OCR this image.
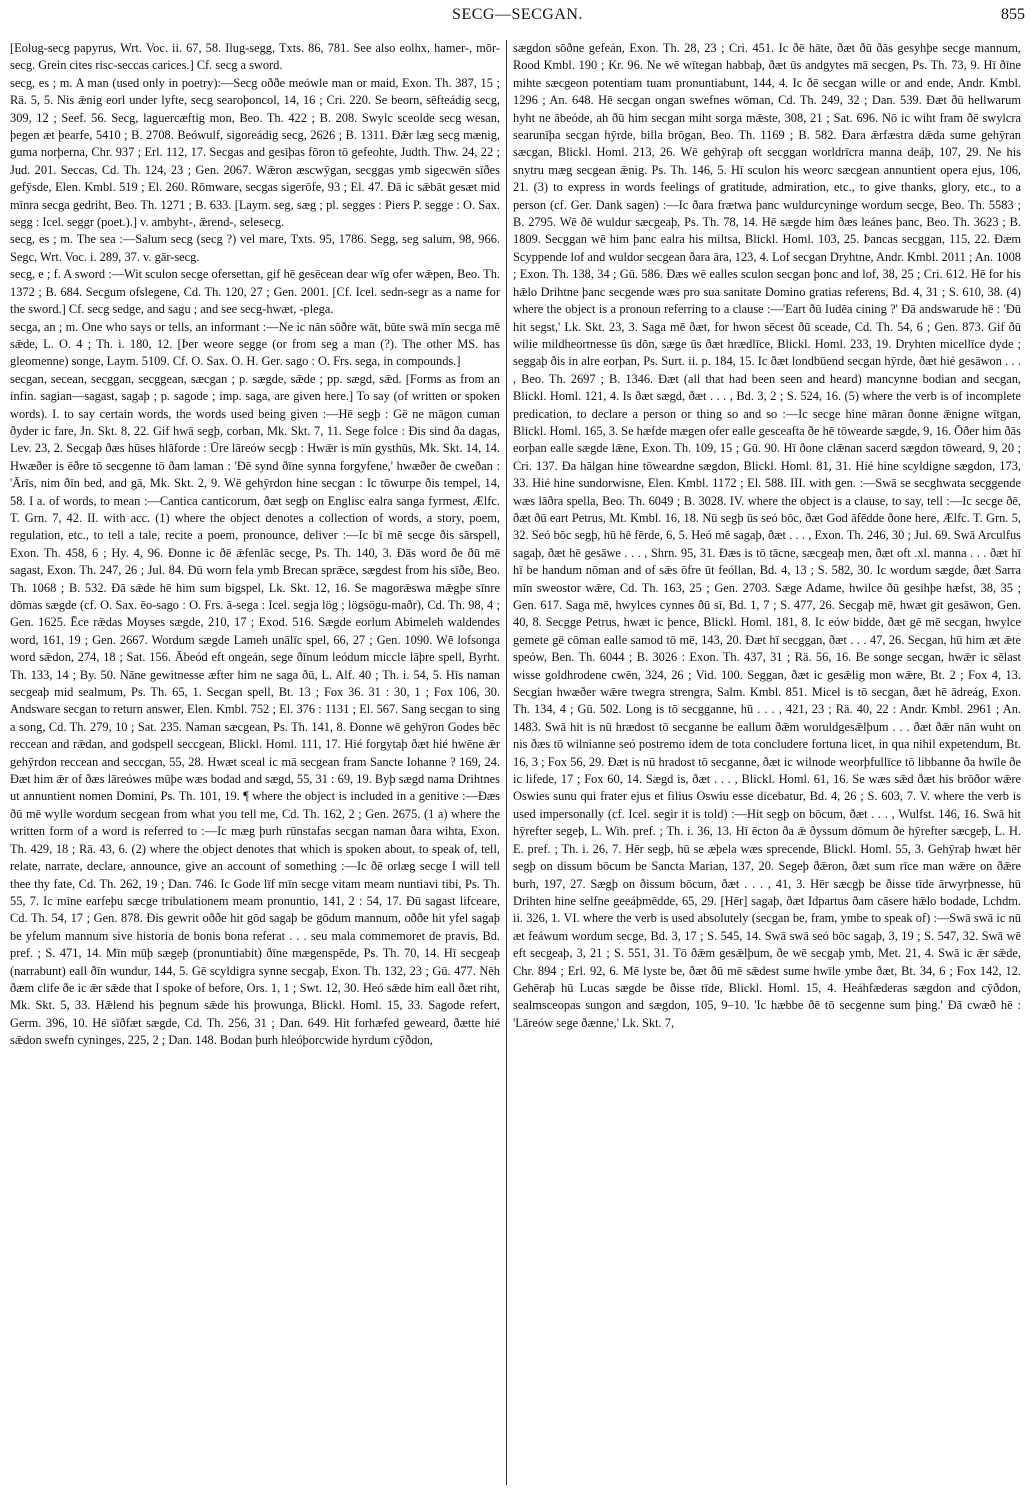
SECG—SECGAN.	855

[Eolug-secg papyrus, Wrt. Voc. ii. 67, 58. Ilug-segg, Txts. 86, 781. See also eolhx, hamer-, mōr-secg. Grein cites risc-seccas carices.] Cf. secg a sword.

secg, es ; m. A man (used only in poetry):—Secg oððe meówle man or maid, Exon. Th. 387, 15 ; Rä. 5, 5. Nis ǣnig eorl under lyfte, secg searoþoncol, 14, 16 ; Cri. 220. Se beorn, sēfteádig secg, 309, 12 ; Seef. 56. Secg, laguercæftig mon, Beo. Th. 422 ; B. 208. Swylc sceolde secg wesan, þegen æt þearfe, 5410 ; B. 2708. Beówulf, sigoreádig secg, 2626 ; B. 1311. Ðǣr læg secg mænig, guma norþerna, Chr. 937 ; Erl. 112, 17. Secgas and gesīþas fōron tō gefeohte, Judth. Thw. 24, 22 ; Jud. 201. Seccas, Cd. Th. 124, 23 ; Gen. 2067. Wǣron æscwȳgan, secggas ymb sigecwēn sīðes gefȳsde, Elen. Kmbl. 519 ; El. 260. Rōmware, secgas sigerōfe, 93 ; El. 47. Ðā ic sǣbāt gesæt mid mīnra secga gedriht, Beo. Th. 1271 ; B. 633. [Laym. seg, sæg ; pl. segges : Piers P. segge : O. Sax. segg : Icel. seggr (poet.).] v. ambyht-, ǣrend-, selesecg.

secg, es ; m. The sea :—Salum secg (secg ?) vel mare, Txts. 95, 1786. Segg, seg salum, 98, 966. Segc, Wrt. Voc. i. 289, 37. v. gār-secg.

secg, e ; f. A sword :—Wit sculon secge ofersettan, gif hē gesēcean dear wīg ofer wǣpen, Beo. Th. 1372 ; B. 684. Secgum ofslegene, Cd. Th. 120, 27 ; Gen. 2001. [Cf. Icel. sedn-segr as a name for the sword.] Cf. secg sedge, and sagu ; and see secg-hwæt, -plega.

secga, an ; m. One who says or tells, an informant :—Ne ic nān sōðre wāt, būte swā mīn secga mē sǣde, L. O. 4 ; Th. i. 180, 12. [Þer weore segge (or from seg a man (?). The other MS. has gleomenne) songe, Laym. 5109. Cf. O. Sax. O. H. Ger. sago : O. Frs. sega, in compounds.]

secgan, secean, secggan, secggean, sæcgan ; p. sægde, sǣde ; pp. sægd, sǣd. [Forms as from an infin. sagian—sagast, sagaþ ; p. sagode ; imp. saga, are given here.] To say (of written or spoken words). I. to say certain words, the words used being given :—Hē segþ : Gē ne māgon cuman ðyder ic fare, Jn. Skt. 8, 22. Gif hwā segþ, corban, Mk. Skt. 7, 11. Sege folce : Ðis sind ða dagas, Lev. 23, 2. Secgaþ ðæs hūses hlāforde : Ūre lāreów secgþ : Hwǣr is mīn gysthūs, Mk. Skt. 14, 14. Hwæðer is ēðre tō secgenne tō ðam laman : 'Ðē synd ðīne synna forgyfene,' hwæðer ðe cweðan : 'Ārīs, nim ðīn bed, and gā, Mk. Skt. 2, 9. Wē gehȳrdon hine secgan : Ic tōwurpe ðis tempel, 14, 58. I a. of words, to mean :—Cantica canticorum, ðæt segþ on Englisc ealra sanga fyrmest, Ælfc. T. Grn. 7, 42. II. with acc. (1) where the object denotes a collection of words, a story, poem, regulation, etc., to tell a tale, recite a poem, pronounce, deliver :—Ic bī mē secge ðis sārspell, Exon. Th. 458, 6 ; Hy. 4, 96. Ðonne ic ðē ǣfenlāc secge, Ps. Th. 140, 3. Ðās word ðe ðū mē sagast, Exon. Th. 247, 26 ; Jul. 84. Ðū worn fela ymb Brecan sprǣce, sægdest from his sīðe, Beo. Th. 1068 ; B. 532. Ðā sǣde hē him sum bigspel, Lk. Skt. 12, 16. Se magorǣswa mǣgþe sīnre dōmas sægde (cf. O. Sax. ēo-sago : O. Frs. ā-sega : Icel. segja lög ; lögsögu-maðr), Cd. Th. 98, 4 ; Gen. 1625. Ēce rǣdas Moyses sægde, 210, 17 ; Exod. 516. Sægde eorlum Abimeleh waldendes word, 161, 19 ; Gen. 2667. Wordum sægde Lameh unālīc spel, 66, 27 ; Gen. 1090. Wē lofsonga word sǣdon, 274, 18 ; Sat. 156. Ābeód eft ongeán, sege ðīnum leódum miccle lāþre spell, Byrht. Th. 133, 14 ; By. 50. Nāne gewitnesse æfter him ne saga ðū, L. Alf. 40 ; Th. i. 54, 5. Hīs naman secgeaþ mid sealmum, Ps. Th. 65, 1. Secgan spell, Bt. 13 ; Fox 36. 31 : 30, 1 ; Fox 106, 30. Andsware secgan to return answer, Elen. Kmbl. 752 ; El. 376 : 1131 ; El. 567. Sang secgan to sing a song, Cd. Th. 279, 10 ; Sat. 235. Naman sæcgean, Ps. Th. 141, 8. Ðonne wē gehȳron Godes bēc reccean and rǣdan, and godspell seccgean, Blickl. Homl. 111, 17. Hié forgytaþ ðæt hié hwēne ǣr gehȳrdon reccean and seccgan, 55, 28. Hwæt sceal ic mā secgean fram Sancte Iohanne ? 169, 24. Ðæt him ǣr of ðæs lāreówes mūþe wæs bodad and sægd, 55, 31 : 69, 19. Byþ sægd nama Drihtnes ut annuntient nomen Domini, Ps. Th. 101, 19. ¶ where the object is included in a genitive :—Ðæs ðū mē wylle wordum secgean from what you tell me, Cd. Th. 162, 2 ; Gen. 2675. (1 a) where the written form of a word is referred to :—Ic mæg þurh rūnstafas secgan naman ðara wihta, Exon. Th. 429, 18 ; Rä. 43, 6. (2) where the object denotes that which is spoken about, to speak of, tell, relate, narrate, declare, announce, give an account of something :—Ic ðē orlæg secge I will tell thee thy fate, Cd. Th. 262, 19 ; Dan. 746. Ic Gode līf mīn secge vitam meam nuntiavi tibi, Ps. Th. 55, 7. Ic mīne earfeþu sæcge tribulationem meam pronuntio, 141, 2 : 54, 17. Ðū sagast lifceare, Cd. Th. 54, 17 ; Gen. 878. Ðis gewrit oððe hit gōd sagaþ be gōdum mannum, oððe hit yfel sagaþ be yfelum mannum sive historia de bonis bona referat . . . seu mala commemoret de pravis, Bd. pref. ; S. 471, 14. Mīn mūþ sægeþ (pronuntiabit) ðīne mægenspēde, Ps. Th. 70, 14. Hī secgeaþ (narrabunt) eall ðīn wundur, 144, 5. Gē scyldigra synne secgaþ, Exon. Th. 132, 23 ; Gū. 477. Nēh ðæm clife ðe ic ǣr sǣde that I spoke of before, Ors. 1, 1 ; Swt. 12, 30. Heó sǣde him eall ðæt riht, Mk. Skt. 5, 33. Hǣlend his þegnum sǣde his þrowunga, Blickl. Homl. 15, 33. Sagode refert, Germ. 396, 10. Hē sīðfæt sægde, Cd. Th. 256, 31 ; Dan. 649. Hit forhæfed geweard, ðætte hié sǣdon swefn cyninges, 225, 2 ; Dan. 148. Bodan þurh hleóþorcwide hyrdum cȳðdon,

sægdon sōðne gefeán, Exon. Th. 28, 23 ; Cri. 451. Ic ðē hāte, ðæt ðū ðās gesyhþe secge mannum, Rood Kmbl. 190 ; Kr. 96. Ne wē wītegan habbaþ, ðæt ūs andgytes mā secgen, Ps. Th. 73, 9. Hī ðīne mihte sæcgeon potentiam tuam pronuntiabunt, 144, 4. Ic ðē secgan wille or and ende, Andr. Kmbl. 1296 ; An. 648. Hē secgan ongan swefnes wōman, Cd. Th. 249, 32 ; Dan. 539. Ðæt ðū hellwarum hyht ne ābeóde, ah ðū him secgan miht sorga mǣste, 308, 21 ; Sat. 696. Nō ic wiht fram ðē swylcra searunīþa secgan hȳrde, billa brōgan, Beo. Th. 1169 ; B. 582. Ðara ǣrfæstra dǣda sume gehȳran sæcgan, Blickl. Homl. 213, 26. Wē gehȳraþ oft secggan worldrīcra manna deáþ, 107, 29. Ne his snytru mæg secgean ǣnig. Ps. Th. 146, 5. Hī sculon his weorc sæcgean annuntient opera ejus, 106, 21. (3) to express in words feelings of gratitude, admiration, etc., to give thanks, glory, etc., to a person (cf. Ger. Dank sagen) :—Ic ðara frætwa þanc wuldurcyninge wordum secge, Beo. Th. 5583 ; B. 2795. Wē ðē wuldur sæcgeaþ, Ps. Th. 78, 14. Hē sægde him ðæs leánes þanc, Beo. Th. 3623 ; B. 1809. Secggan wē him þanc ealra his miltsa, Blickl. Homl. 103, 25. Þancas secggan, 115, 22. Ðæm Scyppende lof and wuldor secgean ðara āra, 123, 4. Lof secgan Dryhtne, Andr. Kmbl. 2011 ; An. 1008 ; Exon. Th. 138, 34 ; Gū. 586. Ðæs wē ealles sculon secgan þonc and lof, 38, 25 ; Cri. 612. Hē for his hǣlo Drihtne þanc secgende wæs pro sua sanitate Domino gratias referens, Bd. 4, 31 ; S. 610, 38. (4) where the object is a pronoun referring to a clause :—'Eart ðū Iudēa cining ?' Ðā andswarude hē : 'Ðū hit segst,' Lk. Skt. 23, 3. Saga mē ðæt, for hwon sēcest ðū sceade, Cd. Th. 54, 6 ; Gen. 873. Gif ðū wilie mildheortnesse ūs dōn, sæge ūs ðæt hrædlīce, Blickl. Homl. 233, 19. Dryhten micellīce dyde ; seggaþ ðis in alre eorþan, Ps. Surt. ii. p. 184, 15. Ic ðæt londbūend secgan hȳrde, ðæt hié gesāwon . . . , Beo. Th. 2697 ; B. 1346. Ðæt (all that had been seen and heard) mancynne bodian and secgan, Blickl. Homl. 121, 4. Is ðæt sægd, ðæt . . . , Bd. 3, 2 ; S. 524, 16. (5) where the verb is of incomplete predication, to declare a person or thing so and so :—Ic secge hine māran ðonne ǣnigne wītgan, Blickl. Homl. 165, 3. Se hæfde mægen ofer ealle gesceafta ðe hē tōwearde sægde, 9, 16. Ōðer him ðās eorþan ealle sægde lǣne, Exon. Th. 109, 15 ; Gū. 90. Hī ðone clǣnan sacerd sægdon tōweard, 9, 20 ; Cri. 137. Ða hālgan hine tōweardne sægdon, Blickl. Homl. 81, 31. Hié hine scyldigne sægdon, 173, 33. Hié hine sundorwisne, Elen. Kmbl. 1172 ; El. 588. III. with gen. :—Swā se secghwata secggende wæs lāðra spella, Beo. Th. 6049 ; B. 3028. IV. where the object is a clause, to say, tell :—Ic secge ðē, ðæt ðū eart Petrus, Mt. Kmbl. 16, 18. Nū segþ ūs seó bōc, ðæt God āfēdde ðone here, Ælfc. T. Grn. 5, 32. Seó bōc segþ, hū hē fērde, 6, 5. Heó mē sagaþ, ðæt . . . , Exon. Th. 246, 30 ; Jul. 69. Swā Arculfus sagaþ, ðæt hē gesāwe . . . , Shrn. 95, 31. Ðæs is tō tācne, sæcgeaþ men, ðæt oft .xl. manna . . . ðæt hī hī be handum nōman and of sǣs ōfre ūt feóllan, Bd. 4, 13 ; S. 582, 30. Ic wordum sægde, ðæt Sarra mīn sweostor wǣre, Cd. Th. 163, 25 ; Gen. 2703. Sæge Adame, hwilce ðū gesihþe hæfst, 38, 35 ; Gen. 617. Saga mē, hwylces cynnes ðū sī, Bd. 1, 7 ; S. 477, 26. Secgaþ mē, hwæt git gesāwon, Gen. 40, 8. Secgge Petrus, hwæt ic þence, Blickl. Homl. 181, 8. Ic eów bidde, ðæt gē mē secgan, hwylce gemete gē cōman ealle samod tō mē, 143, 20. Ðæt hī secggan, ðæt . . . 47, 26. Secgan, hū him æt ǣte speów, Ben. Th. 6044 ; B. 3026 : Exon. Th. 437, 31 ; Rä. 56, 16. Be songe secgan, hwǣr ic sēlast wisse goldhrodene cwēn, 324, 26 ; Vid. 100. Seggan, ðæt ic gesǣlig mon wǣre, Bt. 2 ; Fox 4, 13. Secgian hwæðer wǣre twegra strengra, Salm. Kmbl. 851. Micel is tō secgan, ðæt hē ādreág, Exon. Th. 134, 4 ; Gū. 502. Long is tō secgganne, hū . . . , 421, 23 ; Rä. 40, 22 : Andr. Kmbl. 2961 ; An. 1483. Swā hit is nū hrædost tō secganne be eallum ðǣm woruldgesǣlþum . . . ðæt ðǣr nān wuht on nis ðæs tō wilnianne seó postremo idem de tota concludere fortuna licet, in qua nihil expetendum, Bt. 16, 3 ; Fox 56, 29. Ðæt is nū hradost tō secganne, ðæt ic wilnode weorþfullīce tō libbanne ða hwīle ðe ic lifede, 17 ; Fox 60, 14. Sægd is, ðæt . . . , Blickl. Homl. 61, 16. Se wæs sǣd ðæt his brōðor wǣre Oswies sunu qui frater ejus et filius Oswiu esse dicebatur, Bd. 4, 26 ; S. 603, 7. V. where the verb is used impersonally (cf. Icel. segir it is told) :—Hit segþ on bōcum, ðæt . . . , Wulfst. 146, 16. Swā hit hȳrefter segeþ, L. Wih. pref. ; Th. i. 36, 13. Hī ēcton ða ǣ ðyssum dōmum ðe hȳrefter sæcgeþ, L. H. E. pref. ; Th. i. 26, 7. Hēr segþ, hū se æþela wæs sprecende, Blickl. Homl. 55, 3. Gehȳraþ hwæt hēr segþ on dissum bōcum be Sancta Marian, 137, 20. Segeþ ðǣron, ðæt sum rīce man wǣre on ðǣre burh, 197, 27. Sægþ on ðissum bōcum, ðæt . . . , 41, 3. Hēr sæcgþ be ðisse tīde ārwyrþnesse, hū Drihten hine selfne geeáþmēdde, 65, 29. [Hēr] sagaþ, ðæt Idpartus ðam cāsere hǣlo bodade, Lchdm. ii. 326, 1. VI. where the verb is used absolutely (secgan be, fram, ymbe to speak of) :—Swā swā ic nū æt feáwum wordum secge, Bd. 3, 17 ; S. 545, 14. Swā swā seó bōc sagaþ, 3, 19 ; S. 547, 32. Swā wē eft secgeaþ, 3, 21 ; S. 551, 31. Tō ðǣm gesǣlþum, ðe wē secgaþ ymb, Met. 21, 4. Swā ic ǣr sǣde, Chr. 894 ; Erl. 92, 6. Mē lyste be, ðæt ðū mē sǣdest sume hwīle ymbe ðæt, Bt. 34, 6 ; Fox 142, 12. Gehēraþ hū Lucas sægde be ðisse tīde, Blickl. Homl. 15, 4. Heáhfæderas sægdon and cȳðdon, sealmsceopas sungon and sægdon, 105, 9–10. 'Ic hæbbe ðē tō secgenne sum þing.' Ðā cwæð hē : 'Lāreów sege ðænne,' Lk. Skt. 7,
